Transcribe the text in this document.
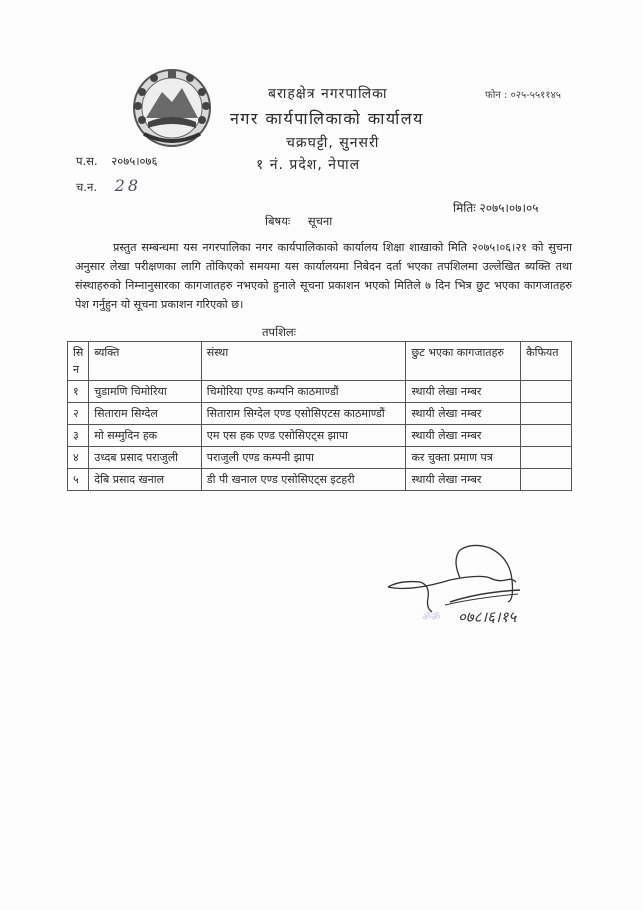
बराहक्षेत्र नगरपालिका
नगर कार्यपालिकाको कार्यालय
चक्रघट्टी, सुनसरी
१ नं. प्रदेश, नेपाल
फोन : ०२५-५५११४५
प.स. २०७५।०७६
च.न. 28
मितिः २०७५।०७।०५
बिषयः सूचना
प्रस्तुत सम्बन्धमा यस नगरपालिका नगर कार्यपालिकाको कार्यालय शिक्षा शाखाको मिति २०७५।०६।२१ को सुचना अनुसार लेखा परीक्षणका लागि तोकिएको समयमा यस कार्यालयमा निबेदन दर्ता भएका तपशिलमा उल्लेखित ब्यक्ति तथा संस्थाहरुको निम्नानुसारका कागजातहरु नभएको हुनाले सूचना प्रकाशन भएको मितिले ७ दिन भित्र छुट भएका कागजातहरु पेश गर्नुहुन यो सूचना प्रकाशन गरिएको छ।
तपशिलः
सि न	ब्यक्ति	संस्था	छुट भएका कागजातहरु	कैफियत
१	चुडामणि चिमोरिया	चिमोरिया एण्ड कम्पनि काठमाण्डौं	स्थायी लेखा नम्बर	
२	सिताराम सिग्देल	सिताराम सिग्देल एण्ड एसोसिएटस काठमाण्डौं	स्थायी लेखा नम्बर	
३	मो सम्मुदिन हक	एम एस हक एण्ड एसोसिएट्स झापा	स्थायी लेखा नम्बर	
४	उध्दब प्रसाद पराजुली	पराजुली एण्ड कम्पनी झापा	कर चुक्ता प्रमाण पत्र	
५	देबि प्रसाद खनाल	डी पी खनाल एण्ड एसोसिएट्स इटहरी	स्थायी लेखा नम्बर	
०७८।६।१५
ॐॐ
